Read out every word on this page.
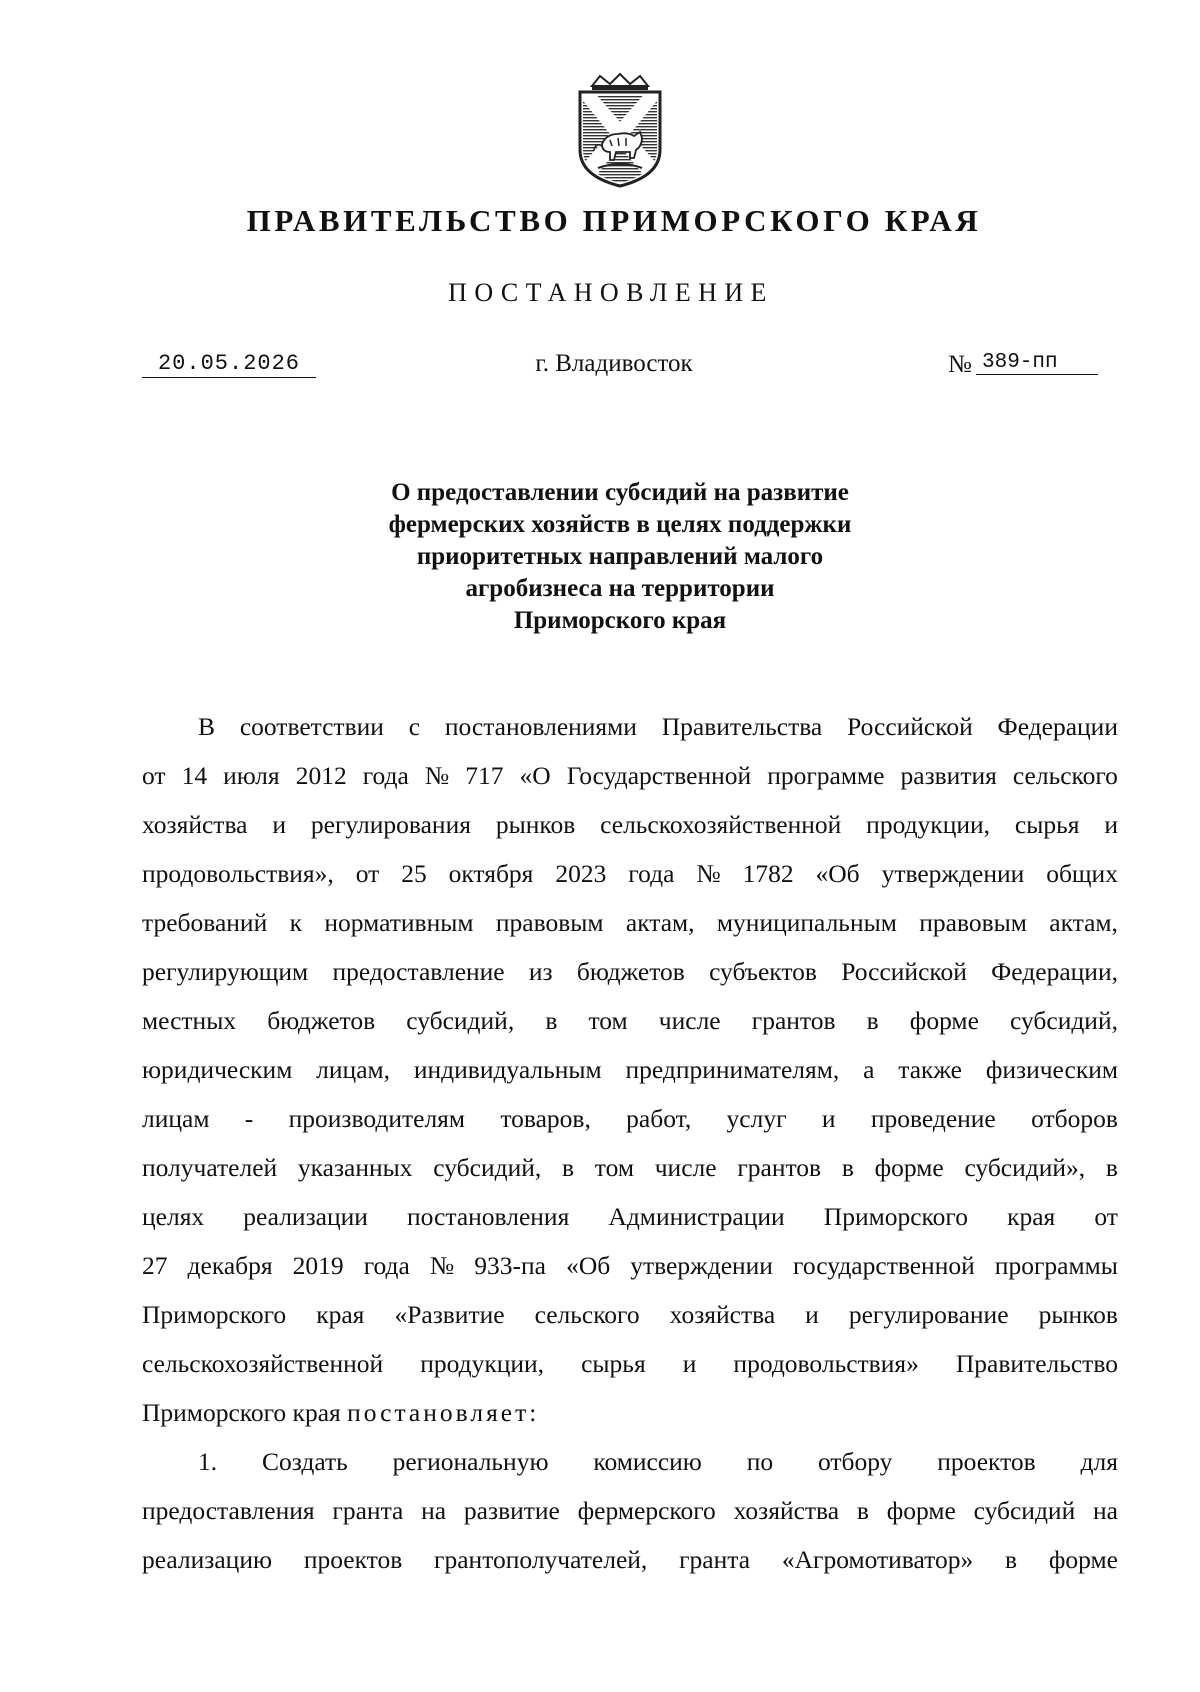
ПРАВИТЕЛЬСТВО ПРИМОРСКОГО КРАЯ
ПОСТАНОВЛЕНИЕ
20.05.2026	г. Владивосток	№ 389-пп
О предоставлении субсидий на развитие
фермерских хозяйств в целях поддержки
приоритетных направлений малого
агробизнеса на территории
Приморского края
В соответствии с постановлениями Правительства Российской Федерации
от 14 июля 2012 года № 717 «О Государственной программе развития сельского
хозяйства и регулирования рынков сельскохозяйственной продукции, сырья и
продовольствия», от 25 октября 2023 года № 1782 «Об утверждении общих
требований к нормативным правовым актам, муниципальным правовым актам,
регулирующим предоставление из бюджетов субъектов Российской Федерации,
местных бюджетов субсидий, в том числе грантов в форме субсидий,
юридическим лицам, индивидуальным предпринимателям, а также физическим
лицам - производителям товаров, работ, услуг и проведение отборов
получателей указанных субсидий, в том числе грантов в форме субсидий», в
целях реализации постановления Администрации Приморского края от
27 декабря 2019 года № 933-па «Об утверждении государственной программы
Приморского края «Развитие сельского хозяйства и регулирование рынков
сельскохозяйственной продукции, сырья и продовольствия» Правительство
Приморского края постановляет:
1. Создать региональную комиссию по отбору проектов для
предоставления гранта на развитие фермерского хозяйства в форме субсидий на
реализацию проектов грантополучателей, гранта «Агромотиватор» в форме
